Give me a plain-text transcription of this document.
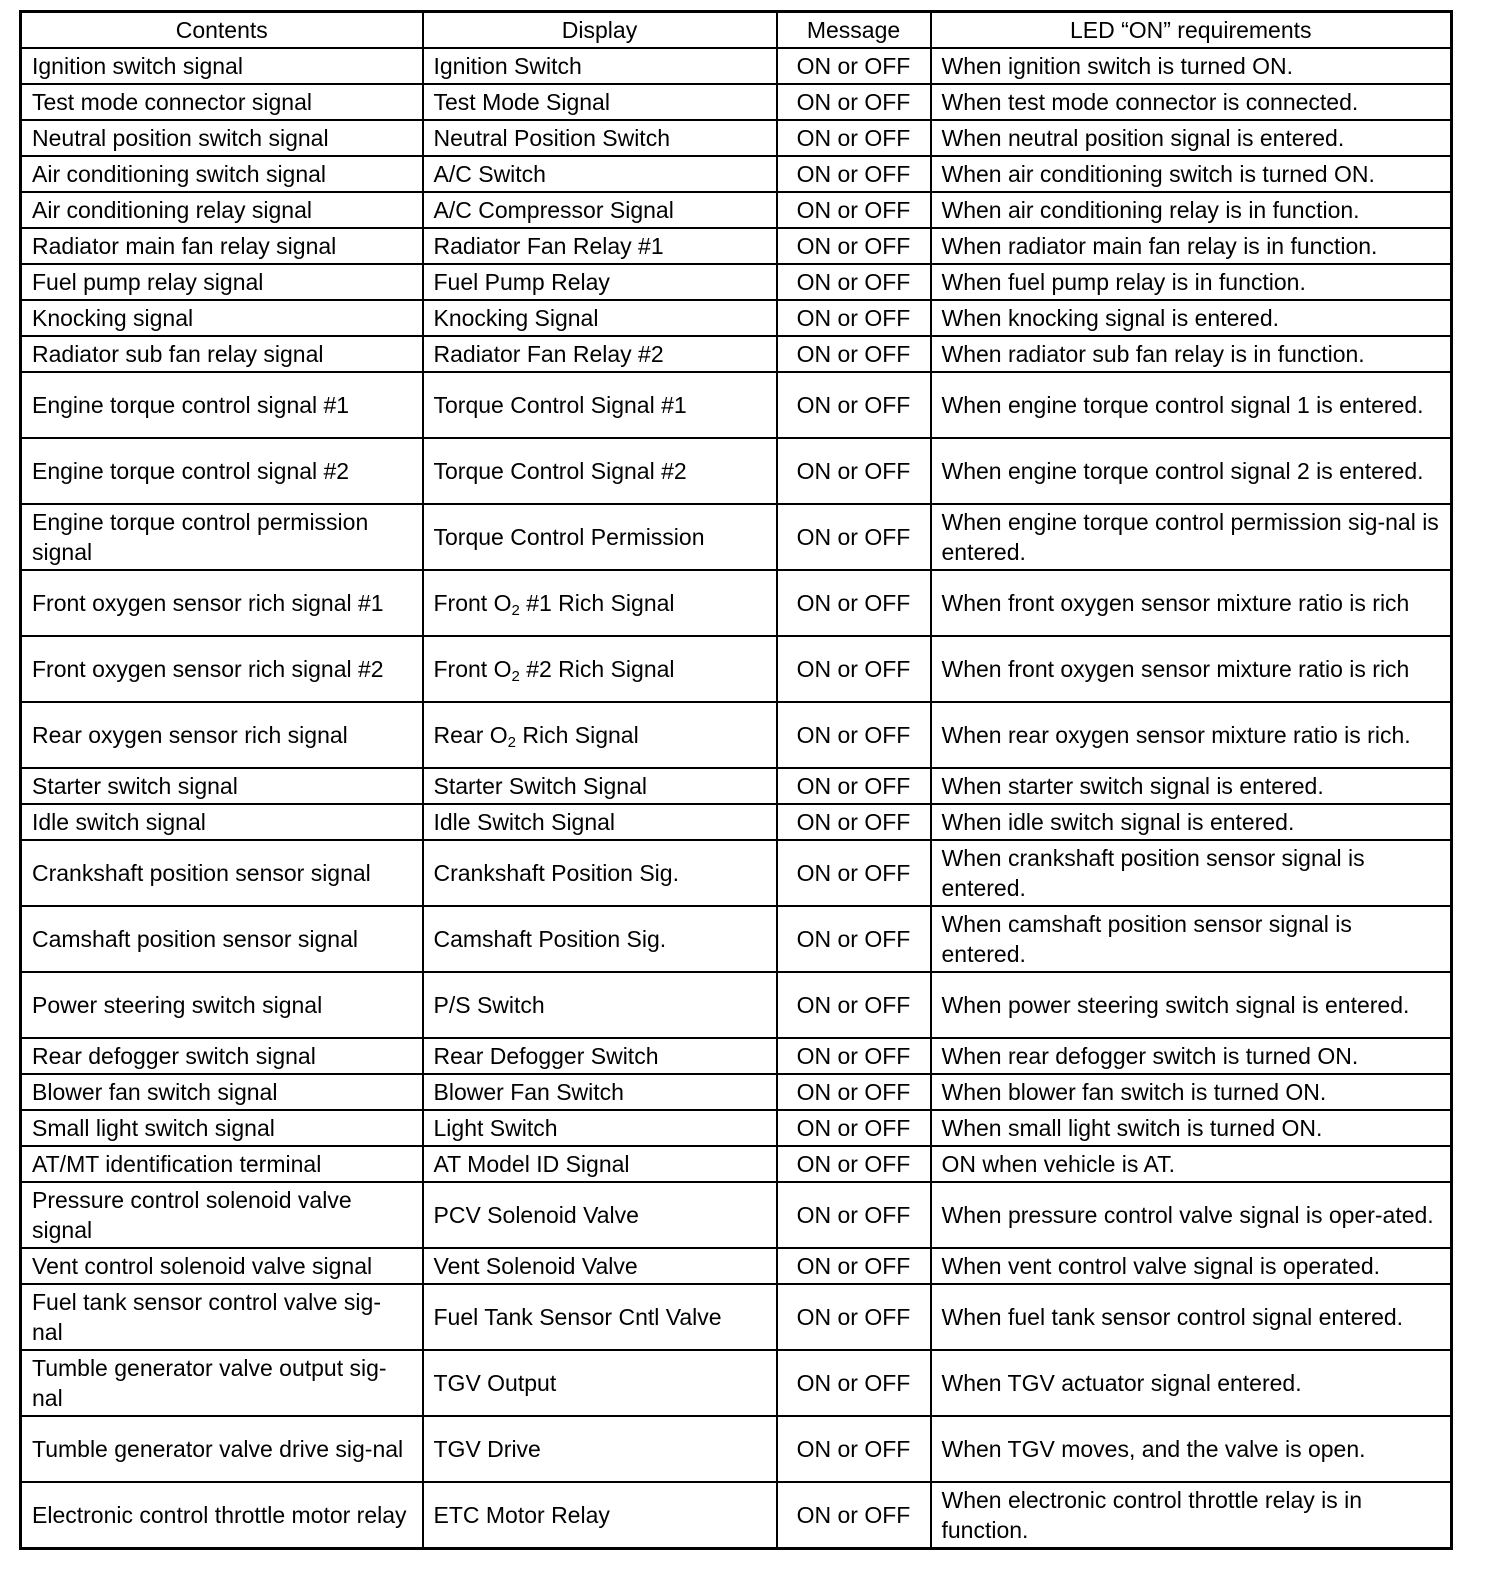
Contents	Display	Message	LED “ON” requirements
Ignition switch signal	Ignition Switch	ON or OFF	When ignition switch is turned ON.
Test mode connector signal	Test Mode Signal	ON or OFF	When test mode connector is connected.
Neutral position switch signal	Neutral Position Switch	ON or OFF	When neutral position signal is entered.
Air conditioning switch signal	A/C Switch	ON or OFF	When air conditioning switch is turned ON.
Air conditioning relay signal	A/C Compressor Signal	ON or OFF	When air conditioning relay is in function.
Radiator main fan relay signal	Radiator Fan Relay #1	ON or OFF	When radiator main fan relay is in function.
Fuel pump relay signal	Fuel Pump Relay	ON or OFF	When fuel pump relay is in function.
Knocking signal	Knocking Signal	ON or OFF	When knocking signal is entered.
Radiator sub fan relay signal	Radiator Fan Relay #2	ON or OFF	When radiator sub fan relay is in function.
Engine torque control signal #1	Torque Control Signal #1	ON or OFF	When engine torque control signal 1 is entered.
Engine torque control signal #2	Torque Control Signal #2	ON or OFF	When engine torque control signal 2 is entered.
Engine torque control permission signal	Torque Control Permission	ON or OFF	When engine torque control permission sig-nal is entered.
Front oxygen sensor rich signal #1	Front $O_2$ #1 Rich Signal	ON or OFF	When front oxygen sensor mixture ratio is rich
Front oxygen sensor rich signal #2	Front $O_2$ #2 Rich Signal	ON or OFF	When front oxygen sensor mixture ratio is rich
Rear oxygen sensor rich signal	Rear $O_2$ Rich Signal	ON or OFF	When rear oxygen sensor mixture ratio is rich.
Starter switch signal	Starter Switch Signal	ON or OFF	When starter switch signal is entered.
Idle switch signal	Idle Switch Signal	ON or OFF	When idle switch signal is entered.
Crankshaft position sensor signal	Crankshaft Position Sig.	ON or OFF	When crankshaft position sensor signal is entered.
Camshaft position sensor signal	Camshaft Position Sig.	ON or OFF	When camshaft position sensor signal is entered.
Power steering switch signal	P/S Switch	ON or OFF	When power steering switch signal is entered.
Rear defogger switch signal	Rear Defogger Switch	ON or OFF	When rear defogger switch is turned ON.
Blower fan switch signal	Blower Fan Switch	ON or OFF	When blower fan switch is turned ON.
Small light switch signal	Light Switch	ON or OFF	When small light switch is turned ON.
AT/MT identification terminal	AT Model ID Signal	ON or OFF	ON when vehicle is AT.
Pressure control solenoid valve signal	PCV Solenoid Valve	ON or OFF	When pressure control valve signal is oper-ated.
Vent control solenoid valve signal	Vent Solenoid Valve	ON or OFF	When vent control valve signal is operated.
Fuel tank sensor control valve sig-nal	Fuel Tank Sensor Cntl Valve	ON or OFF	When fuel tank sensor control signal entered.
Tumble generator valve output sig-nal	TGV Output	ON or OFF	When TGV actuator signal entered.
Tumble generator valve drive sig-nal	TGV Drive	ON or OFF	When TGV moves, and the valve is open.
Electronic control throttle motor relay	ETC Motor Relay	ON or OFF	When electronic control throttle relay is in function.
